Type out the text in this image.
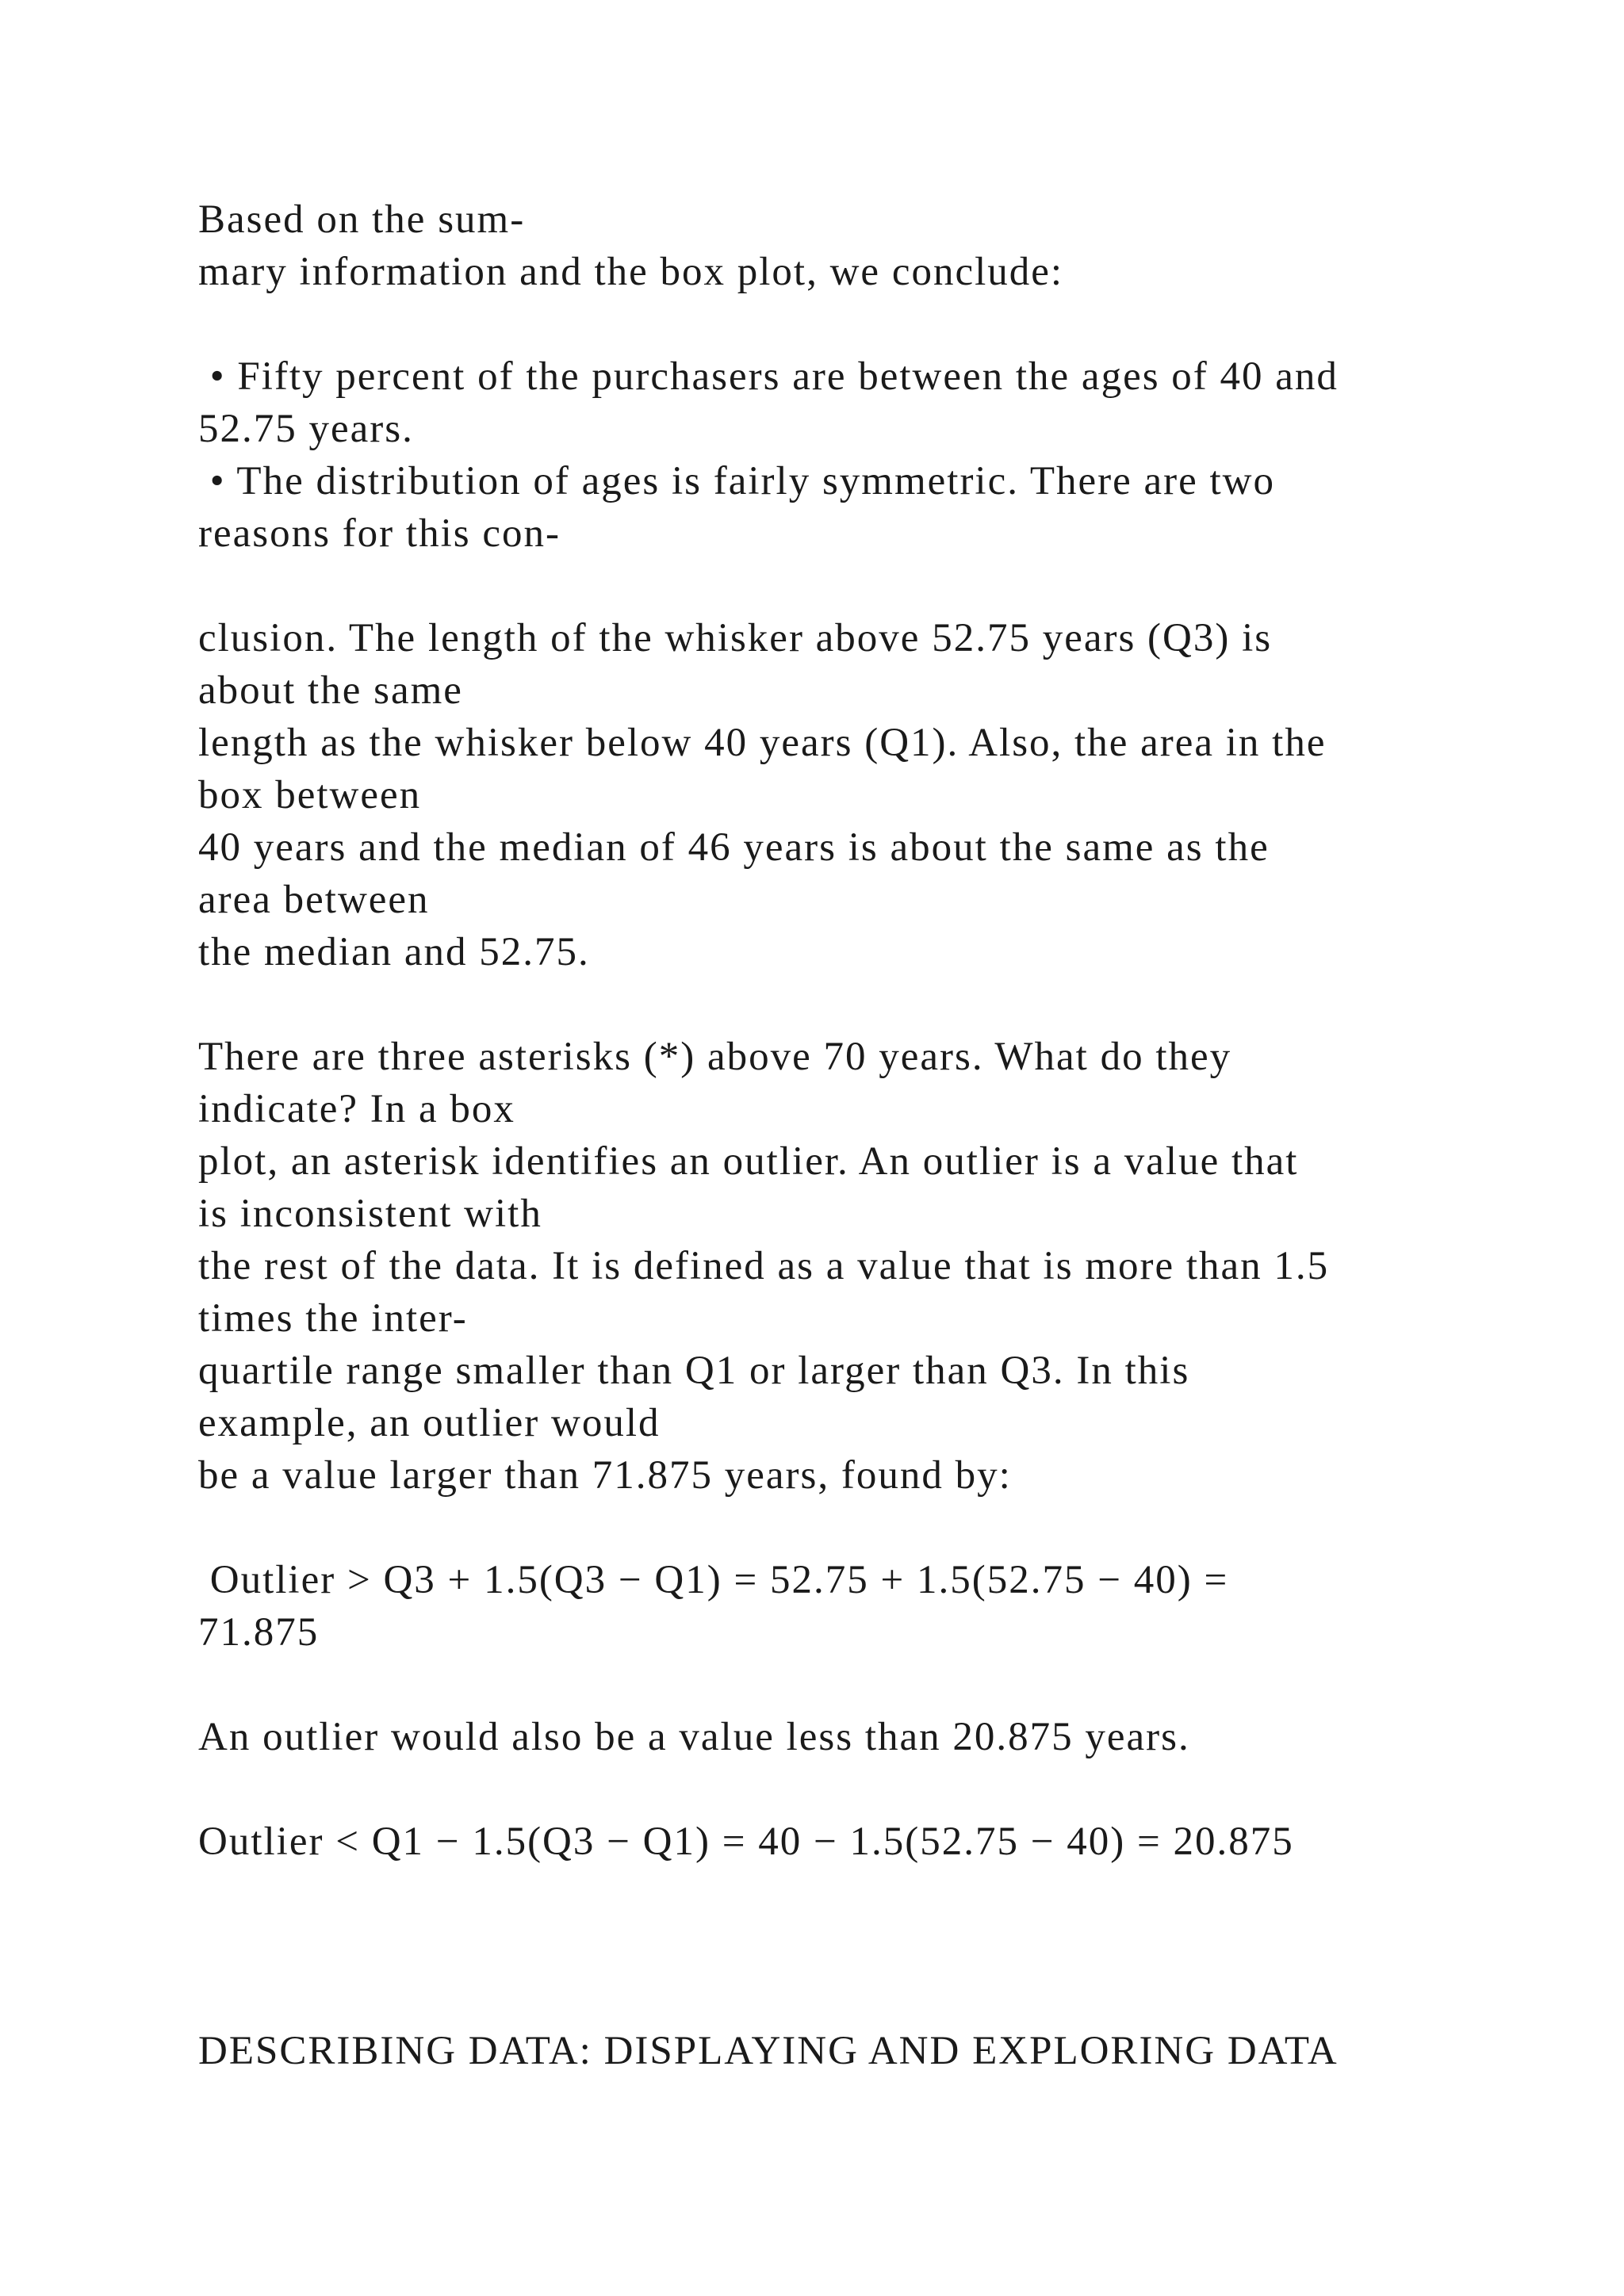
Based on the sum-

mary information and the box plot, we conclude:

• Fifty percent of the purchasers are between the ages of 40 and

52.75 years.

• The distribution of ages is fairly symmetric. There are two

reasons for this con-

clusion. The length of the whisker above 52.75 years (Q3) is

about the same

length as the whisker below 40 years (Q1). Also, the area in the

box between

40 years and the median of 46 years is about the same as the

area between

the median and 52.75.

There are three asterisks (*) above 70 years. What do they

indicate? In a box

plot, an asterisk identifies an outlier. An outlier is a value that

is inconsistent with

the rest of the data. It is defined as a value that is more than 1.5

times the inter-

quartile range smaller than Q1 or larger than Q3. In this

example, an outlier would

be a value larger than 71.875 years, found by:

Outlier > Q3 + 1.5(Q3 − Q1) = 52.75 + 1.5(52.75 − 40) =

71.875

An outlier would also be a value less than 20.875 years.

Outlier < Q1 − 1.5(Q3 − Q1) = 40 − 1.5(52.75 − 40) = 20.875

DESCRIBING DATA: DISPLAYING AND EXPLORING DATA
